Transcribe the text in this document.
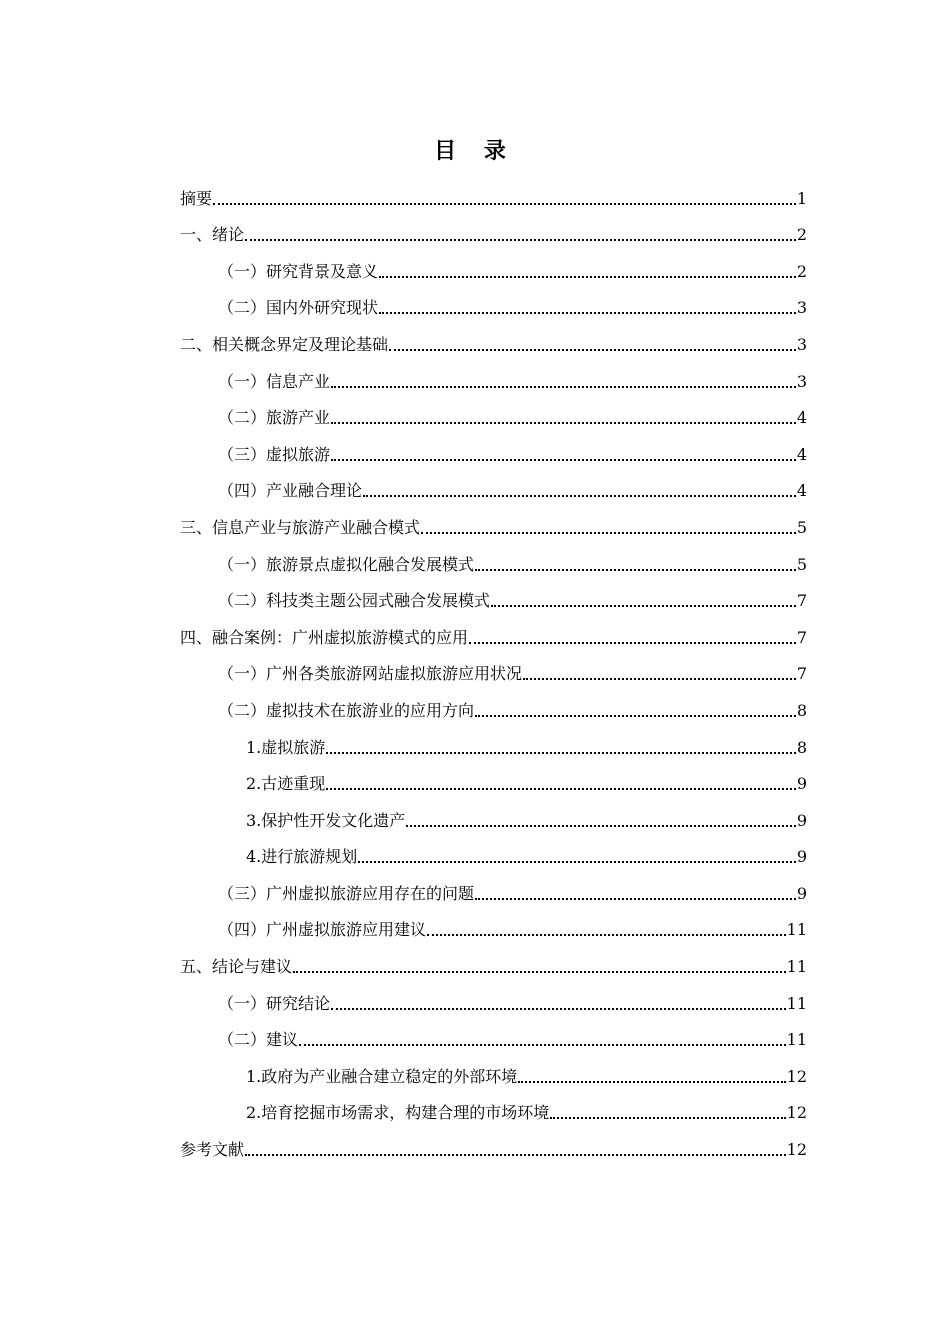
目 录
摘要	1
一、绪论	2
（一）研究背景及意义	2
（二）国内外研究现状	3
二、相关概念界定及理论基础	3
（一）信息产业	3
（二）旅游产业	4
（三）虚拟旅游	4
（四）产业融合理论	4
三、信息产业与旅游产业融合模式	5
（一）旅游景点虚拟化融合发展模式	5
（二）科技类主题公园式融合发展模式	7
四、融合案例：广州虚拟旅游模式的应用	7
（一）广州各类旅游网站虚拟旅游应用状况	7
（二）虚拟技术在旅游业的应用方向	8
1.虚拟旅游	8
2.古迹重现	9
3.保护性开发文化遗产	9
4.进行旅游规划	9
（三）广州虚拟旅游应用存在的问题	9
（四）广州虚拟旅游应用建议	11
五、结论与建议	11
（一）研究结论	11
（二）建议	11
1.政府为产业融合建立稳定的外部环境	12
2.培育挖掘市场需求，构建合理的市场环境	12
参考文献	12
